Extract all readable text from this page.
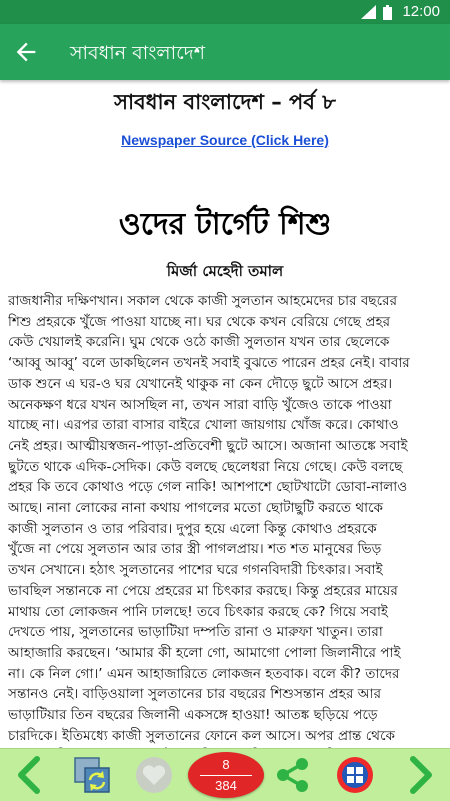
12:00
সাবধান বাংলাদেশ
সাবধান বাংলাদেশ – পর্ব ৮
Newspaper Source (Click Here)
ওদের টার্গেট শিশু
মির্জা মেহেদী তমাল

রাজধানীর দক্ষিণখান। সকাল থেকে কাজী সুলতান আহমেদের চার বছরের
শিশু প্রহরকে খুঁজে পাওয়া যাচ্ছে না। ঘর থেকে কখন বেরিয়ে গেছে প্রহর
কেউ খেয়ালই করেনি। ঘুম থেকে ওঠে কাজী সুলতান যখন তার ছেলেকে
‘আব্বু আব্বু’ বলে ডাকছিলেন তখনই সবাই বুঝতে পারেন প্রহর নেই। বাবার
ডাক শুনে এ ঘর-ও ঘর যেখানেই থাকুক না কেন দৌড়ে ছুটে আসে প্রহর।
অনেকক্ষণ ধরে যখন আসছিল না, তখন সারা বাড়ি খুঁজেও তাকে পাওয়া
যাচ্ছে না। এরপর তারা বাসার বাইরে খোলা জায়গায় খোঁজ করে। কোথাও
নেই প্রহর। আত্মীয়স্বজন-পাড়া-প্রতিবেশী ছুটে আসে। অজানা আতঙ্কে সবাই
ছুটতে থাকে এদিক-সেদিক। কেউ বলছে ছেলেধরা নিয়ে গেছে। কেউ বলছে
প্রহর কি তবে কোথাও পড়ে গেল নাকি! আশপাশে ছোটখাটো ডোবা-নালাও
আছে। নানা লোকের নানা কথায় পাগলের মতো ছোটাছুটি করতে থাকে
কাজী সুলতান ও তার পরিবার। দুপুর হয়ে এলো কিন্তু কোথাও প্রহরকে
খুঁজে না পেয়ে সুলতান আর তার স্ত্রী পাগলপ্রায়। শত শত মানুষের ভিড়
তখন সেখানে। হঠাৎ সুলতানের পাশের ঘরে গগনবিদারী চিৎকার। সবাই
ভাবছিল সন্তানকে না পেয়ে প্রহরের মা চিৎকার করছে। কিন্তু প্রহরের মায়ের
মাথায় তো লোকজন পানি ঢালছে! তবে চিৎকার করছে কে? গিয়ে সবাই
দেখতে পায়, সুলতানের ভাড়াটিয়া দম্পতি রানা ও মারুফা খাতুন। তারা
আহাজারি করছেন। ‘আমার কী হলো গো, আমাগো পোলা জিলানীরে পাই
না। কে নিল গো।’ এমন আহাজারিতে লোকজন হতবাক। বলে কী? তাদের
সন্তানও নেই। বাড়িওয়ালা সুলতানের চার বছরের শিশুসন্তান প্রহর আর
ভাড়াটিয়ার তিন বছরের জিলানী একসঙ্গে হাওয়া! আতঙ্ক ছড়িয়ে পড়ে
চারদিকে। ইতিমধ্যে কাজী সুলতানের ফোনে কল আসে। অপর প্রান্ত থেকে

8
384
